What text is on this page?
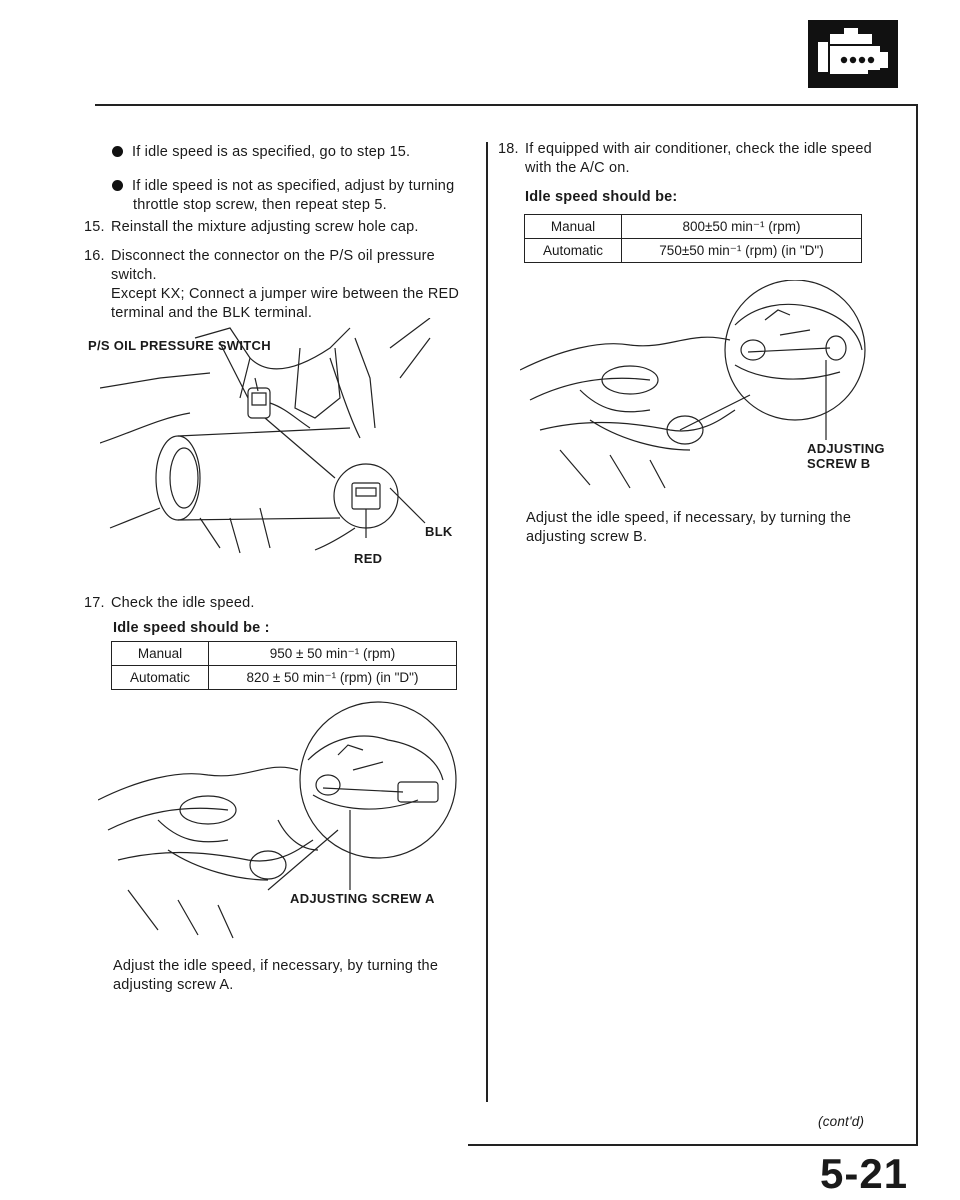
If idle speed is as specified, go to step 15.
If idle speed is not as specified, adjust by turning
throttle stop screw, then repeat step 5.
15. Reinstall the mixture adjusting screw hole cap.
16. Disconnect the connector on the P/S oil pressure
switch.
Except KX; Connect a jumper wire between the RED
terminal and the BLK terminal.
P/S OIL PRESSURE SWITCH
BLK
RED
17. Check the idle speed.
Idle speed should be :
Manual	950 ± 50 min⁻¹ (rpm)
Automatic	820 ± 50 min⁻¹ (rpm) (in "D")
ADJUSTING SCREW A
Adjust the idle speed, if necessary, by turning the
adjusting screw A.
18. If equipped with air conditioner, check the idle speed
with the A/C on.
Idle speed should be:
Manual	800±50 min⁻¹ (rpm)
Automatic	750±50 min⁻¹ (rpm) (in "D")
ADJUSTING
SCREW B
Adjust the idle speed, if necessary, by turning the
adjusting screw B.
(cont'd)
5-21
